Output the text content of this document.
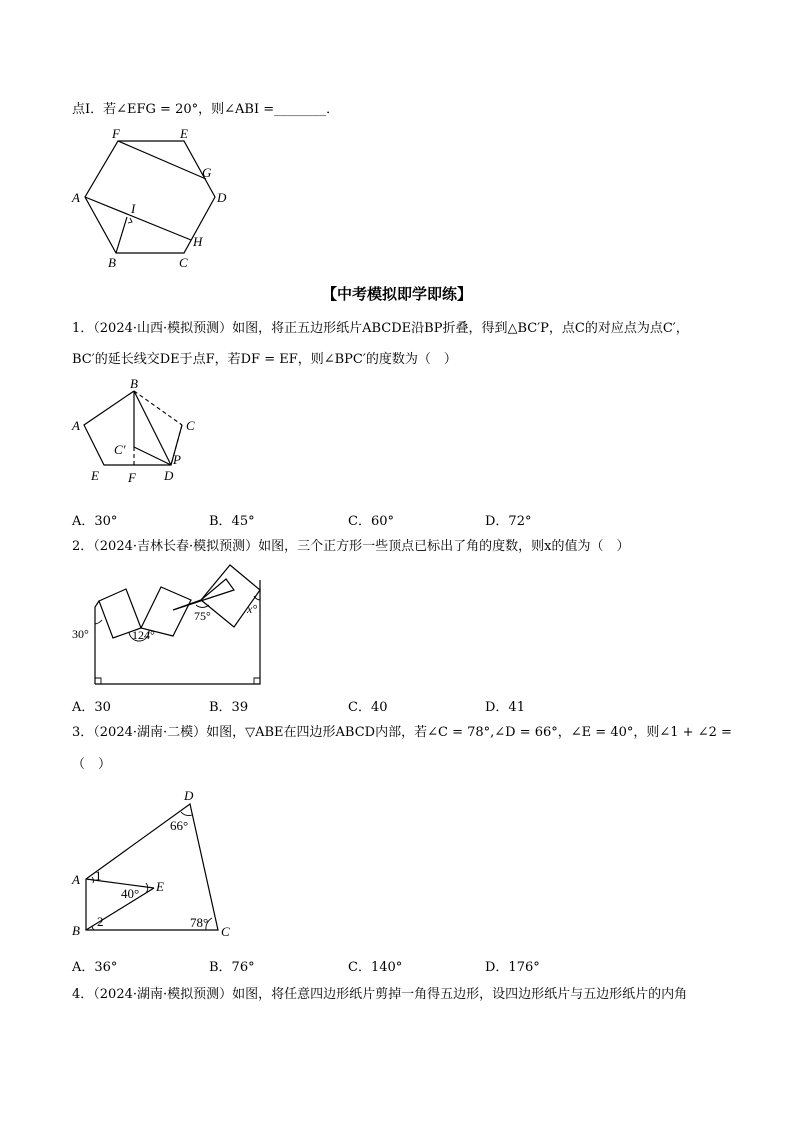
点I．若∠EFG = 20°，则∠ABI =________．
F	E
G
A	D
I
H
B	C
【中考模拟即学即练】
1．（2024·山西·模拟预测）如图，将正五边形纸片ABCDE沿BP折叠，得到△BC′P，点C的对应点为点C′，
BC′的延长线交DE于点F，若DF = EF，则∠BPC′的度数为（　）
B
A	C
C′
P
E F D
A．30°	B．45°	C．60°	D．72°
2．（2024·吉林长春·模拟预测）如图，三个正方形一些顶点已标出了角的度数，则x的值为（　）
30°	124°
75°	x°
A．30	B．39	C．40	D．41
3．（2024·湖南·二模）如图，▽ABE在四边形ABCD内部，若∠C = 78°,∠D = 66°，∠E = 40°，则∠1 + ∠2 =
（　）
D
66°
A 1
40° E
B
2	78°
C
A．36°	B．76°	C．140°	D．176°
4．（2024·湖南·模拟预测）如图，将任意四边形纸片剪掉一角得五边形，设四边形纸片与五边形纸片的内角
